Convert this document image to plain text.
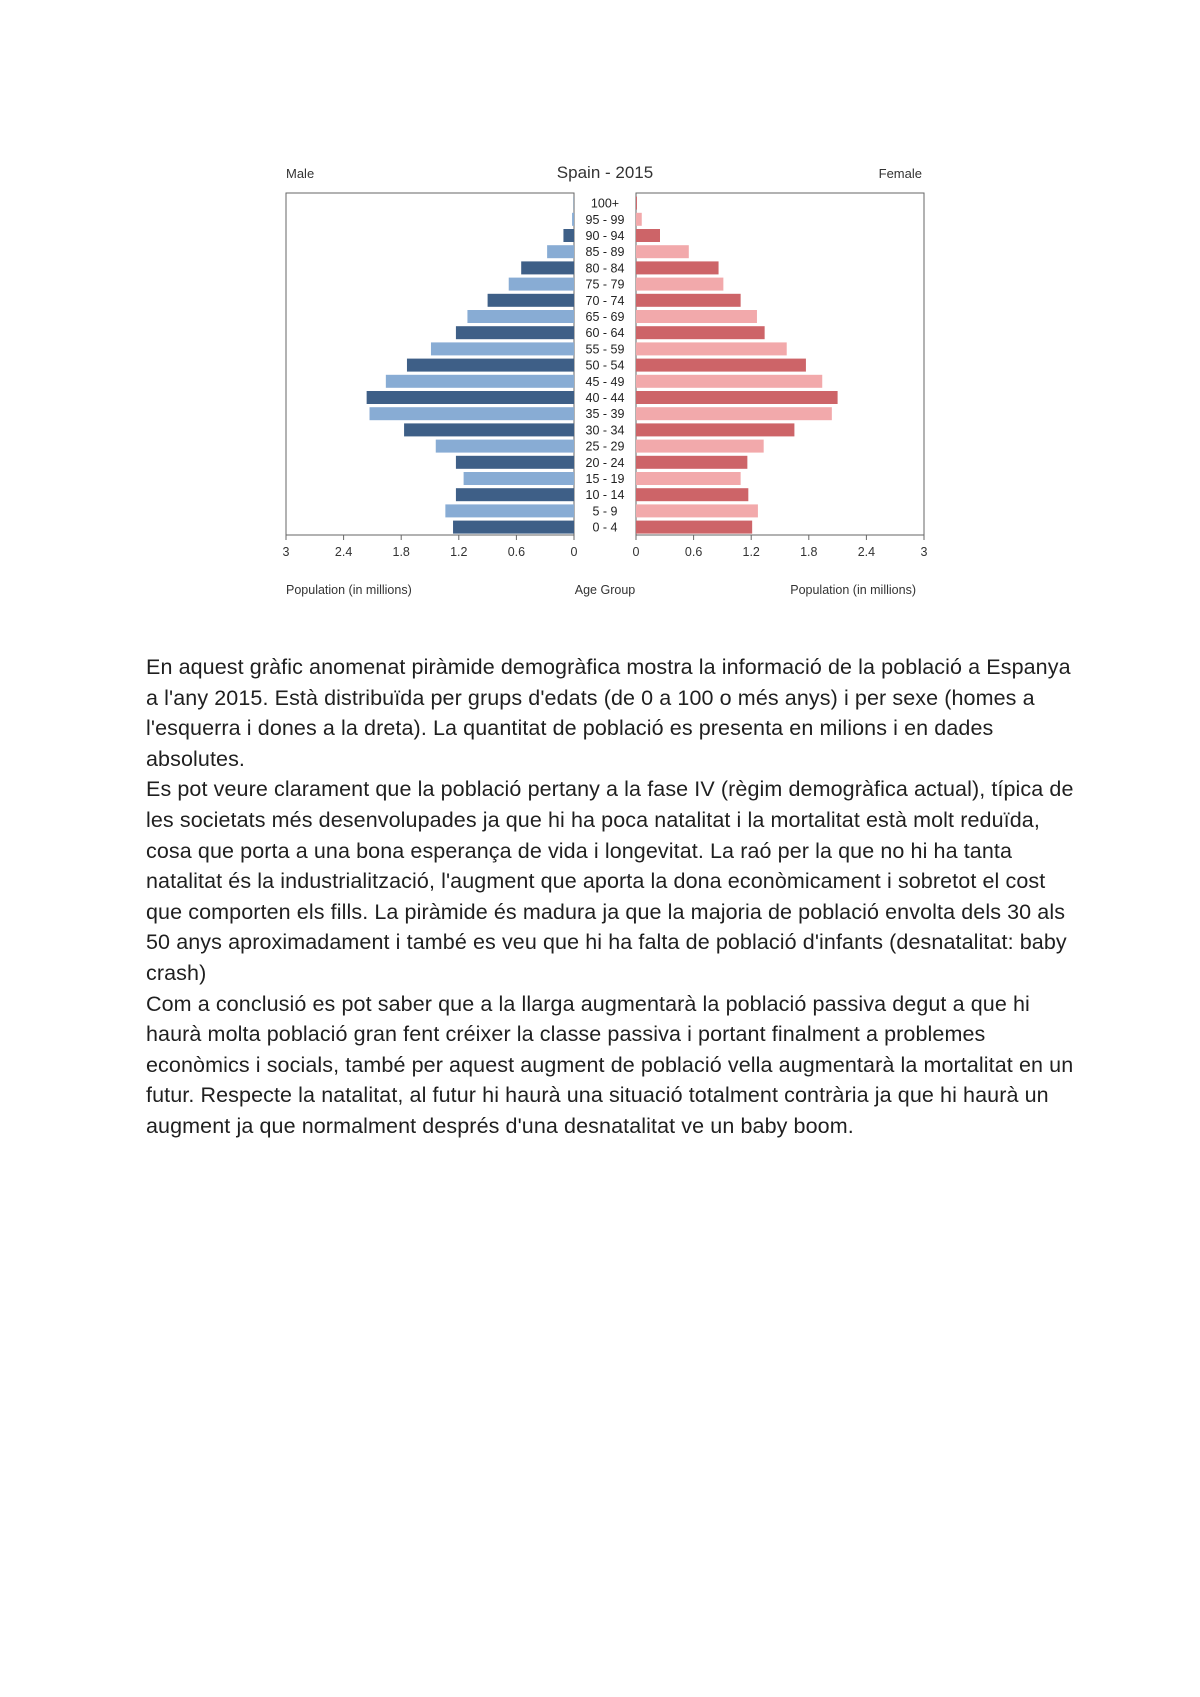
Spain - 2015
Male	Female
0 - 4
5 - 9
10 - 14
15 - 19
20 - 24
25 - 29
30 - 34
35 - 39
40 - 44
45 - 49
50 - 54
55 - 59
60 - 64
65 - 69
70 - 74
75 - 79
80 - 84
85 - 89
90 - 94
95 - 99
100+
3	2.4	1.8	1.2	0.6	0	0	0.6	1.2	1.8	2.4	3
Population (in millions)	Age Group	Population (in millions)

En aquest gràfic anomenat piràmide demogràfica mostra la informació de la població a Espanya a l'any 2015. Està distribuïda per grups d'edats (de 0 a 100 o més anys) i per sexe (homes a l'esquerra i dones a la dreta). La quantitat de població es presenta en milions i en dades absolutes.

Es pot veure clarament que la població pertany a la fase IV (règim demogràfica actual), típica de les societats més desenvolupades ja que hi ha poca natalitat i la mortalitat està molt reduïda, cosa que porta a una bona esperança de vida i longevitat. La raó per la que no hi ha tanta natalitat és la industrialització, l'augment que aporta la dona econòmicament i sobretot el cost que comporten els fills. La piràmide és madura ja que la majoria de població envolta dels 30 als 50 anys aproximadament i també es veu que hi ha falta de població d'infants (desnatalitat: baby crash)

Com a conclusió es pot saber que a la llarga augmentarà la població passiva degut a que hi haurà molta població gran fent créixer la classe passiva i portant finalment a problemes econòmics i socials, també per aquest augment de població vella augmentarà la mortalitat en un futur. Respecte la natalitat, al futur hi haurà una situació totalment contrària ja que hi haurà un augment ja que normalment després d'una desnatalitat ve un baby boom.
